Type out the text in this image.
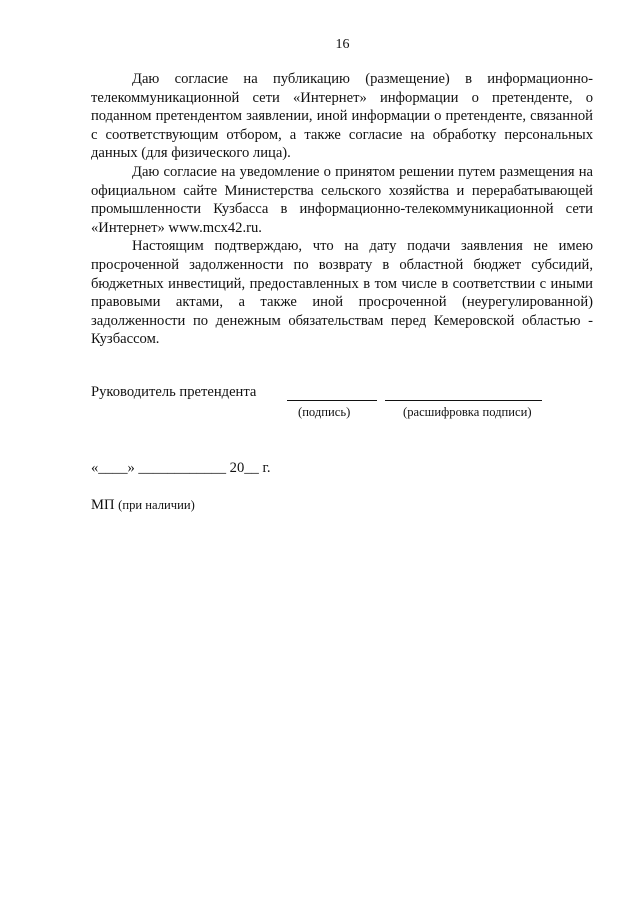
16

Даю согласие на публикацию (размещение) в информационно-телекоммуникационной сети «Интернет» информации о претенденте, о поданном претендентом заявлении, иной информации о претенденте, связанной с соответствующим отбором, а также согласие на обработку персональных данных (для физического лица).

Даю согласие на уведомление о принятом решении путем размещения на официальном сайте Министерства сельского хозяйства и перерабатывающей промышленности Кузбасса в информационно-телекоммуникационной сети «Интернет» www.mcx42.ru.

Настоящим подтверждаю, что на дату подачи заявления не имею просроченной задолженности по возврату в областной бюджет субсидий, бюджетных инвестиций, предоставленных в том числе в соответствии с иными правовыми актами, а также иной просроченной (неурегулированной) задолженности по денежным обязательствам перед Кемеровской областью - Кузбассом.

Руководитель претендента
(подпись)	(расшифровка подписи)
«____» ____________ 20__ г.
МП (при наличии)
